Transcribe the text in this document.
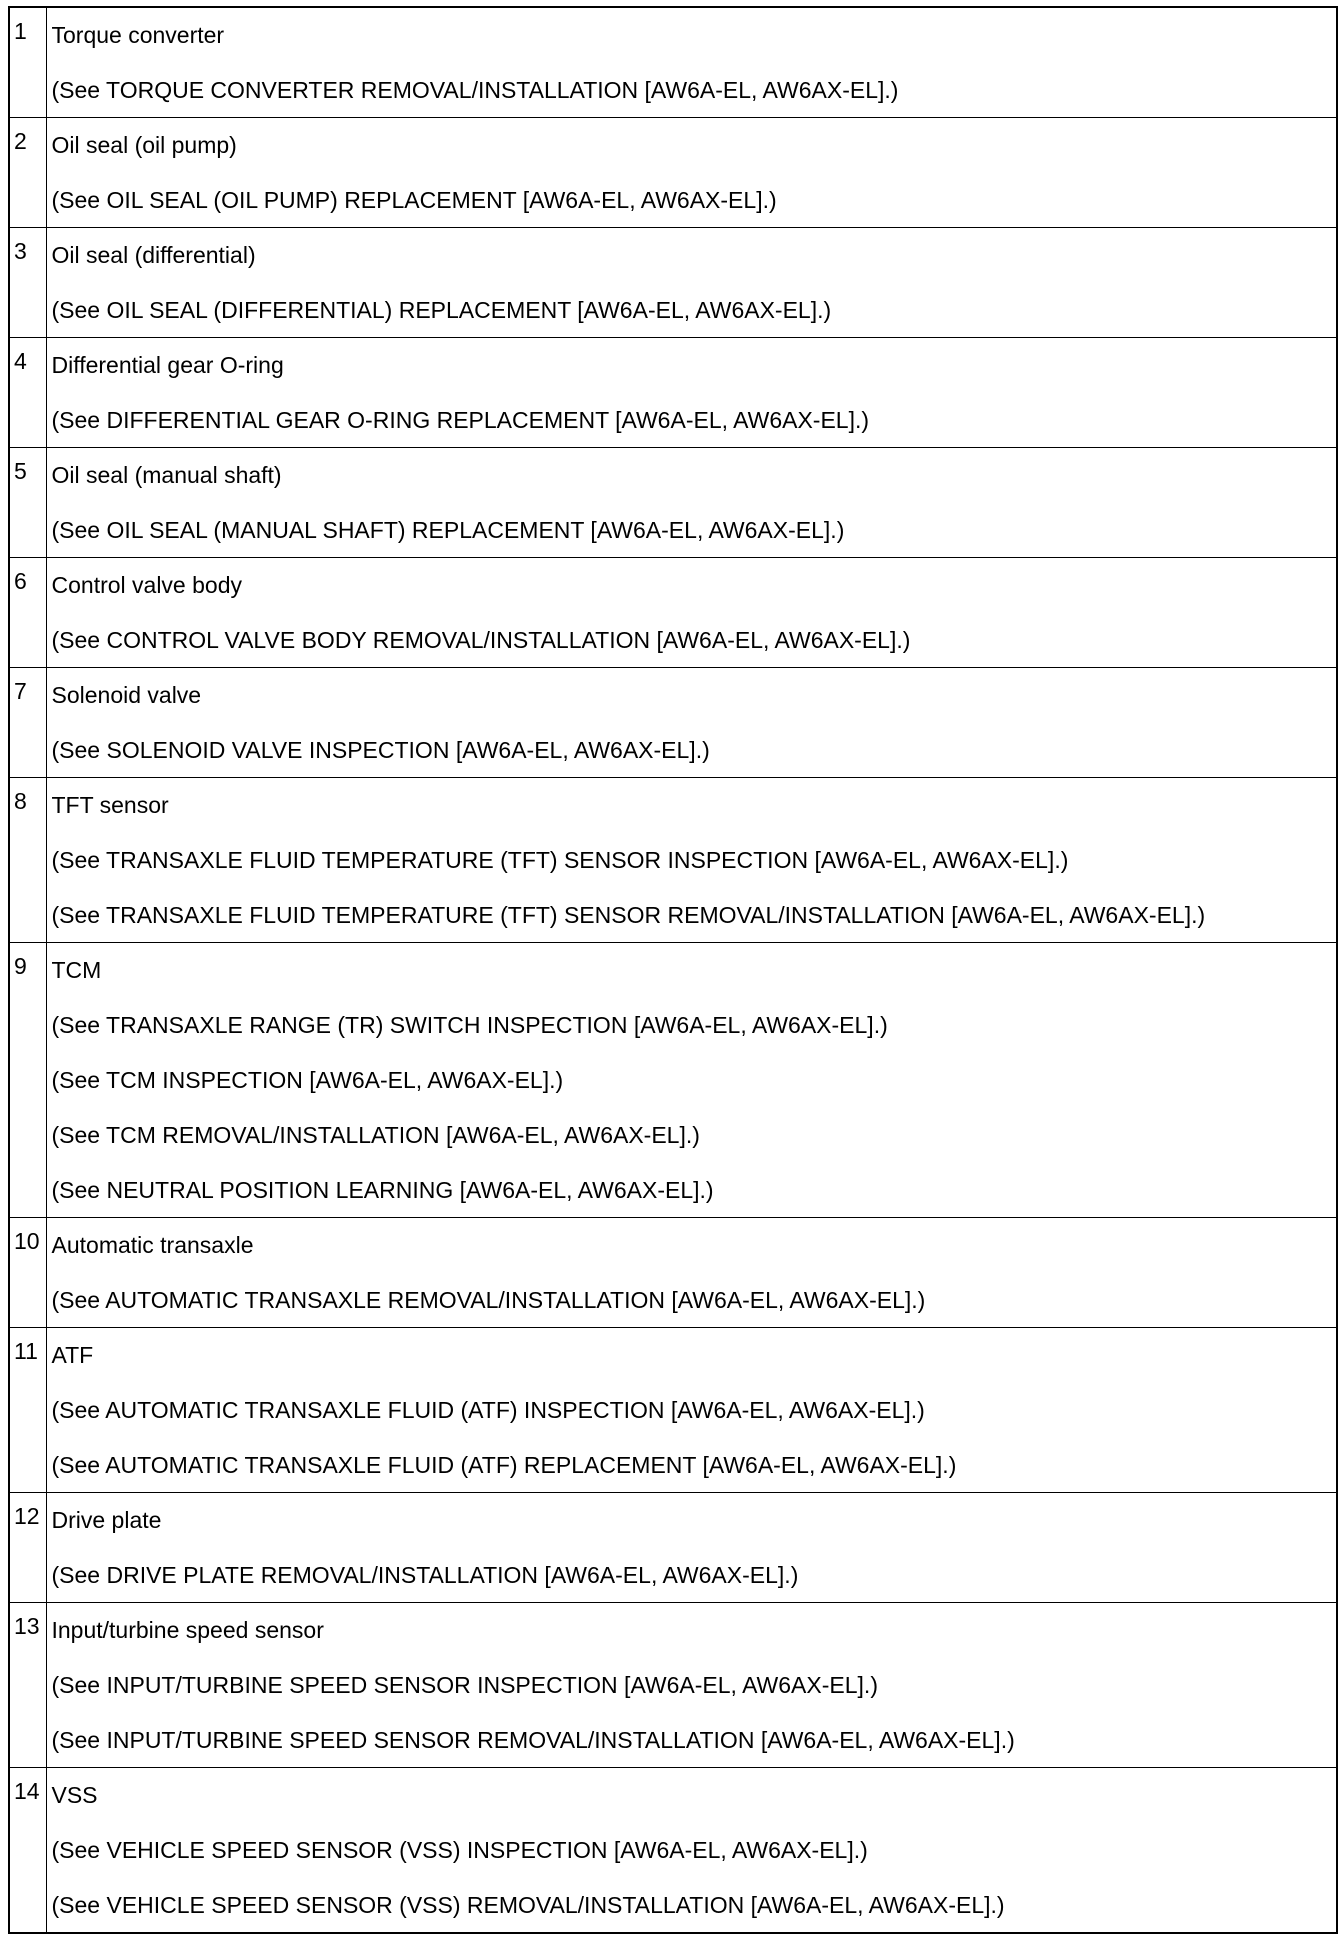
1	Torque converter
(See TORQUE CONVERTER REMOVAL/INSTALLATION [AW6A-EL, AW6AX-EL].)

2	Oil seal (oil pump)
(See OIL SEAL (OIL PUMP) REPLACEMENT [AW6A-EL, AW6AX-EL].)

3	Oil seal (differential)
(See OIL SEAL (DIFFERENTIAL) REPLACEMENT [AW6A-EL, AW6AX-EL].)

4	Differential gear O-ring
(See DIFFERENTIAL GEAR O-RING REPLACEMENT [AW6A-EL, AW6AX-EL].)

5	Oil seal (manual shaft)
(See OIL SEAL (MANUAL SHAFT) REPLACEMENT [AW6A-EL, AW6AX-EL].)

6	Control valve body
(See CONTROL VALVE BODY REMOVAL/INSTALLATION [AW6A-EL, AW6AX-EL].)

7	Solenoid valve
(See SOLENOID VALVE INSPECTION [AW6A-EL, AW6AX-EL].)

8	TFT sensor
(See TRANSAXLE FLUID TEMPERATURE (TFT) SENSOR INSPECTION [AW6A-EL, AW6AX-EL].)
(See TRANSAXLE FLUID TEMPERATURE (TFT) SENSOR REMOVAL/INSTALLATION [AW6A-EL, AW6AX-EL].)

9	TCM
(See TRANSAXLE RANGE (TR) SWITCH INSPECTION [AW6A-EL, AW6AX-EL].)
(See TCM INSPECTION [AW6A-EL, AW6AX-EL].)
(See TCM REMOVAL/INSTALLATION [AW6A-EL, AW6AX-EL].)
(See NEUTRAL POSITION LEARNING [AW6A-EL, AW6AX-EL].)

10	Automatic transaxle
(See AUTOMATIC TRANSAXLE REMOVAL/INSTALLATION [AW6A-EL, AW6AX-EL].)

11	ATF
(See AUTOMATIC TRANSAXLE FLUID (ATF) INSPECTION [AW6A-EL, AW6AX-EL].)
(See AUTOMATIC TRANSAXLE FLUID (ATF) REPLACEMENT [AW6A-EL, AW6AX-EL].)

12	Drive plate
(See DRIVE PLATE REMOVAL/INSTALLATION [AW6A-EL, AW6AX-EL].)

13	Input/turbine speed sensor
(See INPUT/TURBINE SPEED SENSOR INSPECTION [AW6A-EL, AW6AX-EL].)
(See INPUT/TURBINE SPEED SENSOR REMOVAL/INSTALLATION [AW6A-EL, AW6AX-EL].)

14	VSS
(See VEHICLE SPEED SENSOR (VSS) INSPECTION [AW6A-EL, AW6AX-EL].)
(See VEHICLE SPEED SENSOR (VSS) REMOVAL/INSTALLATION [AW6A-EL, AW6AX-EL].)
